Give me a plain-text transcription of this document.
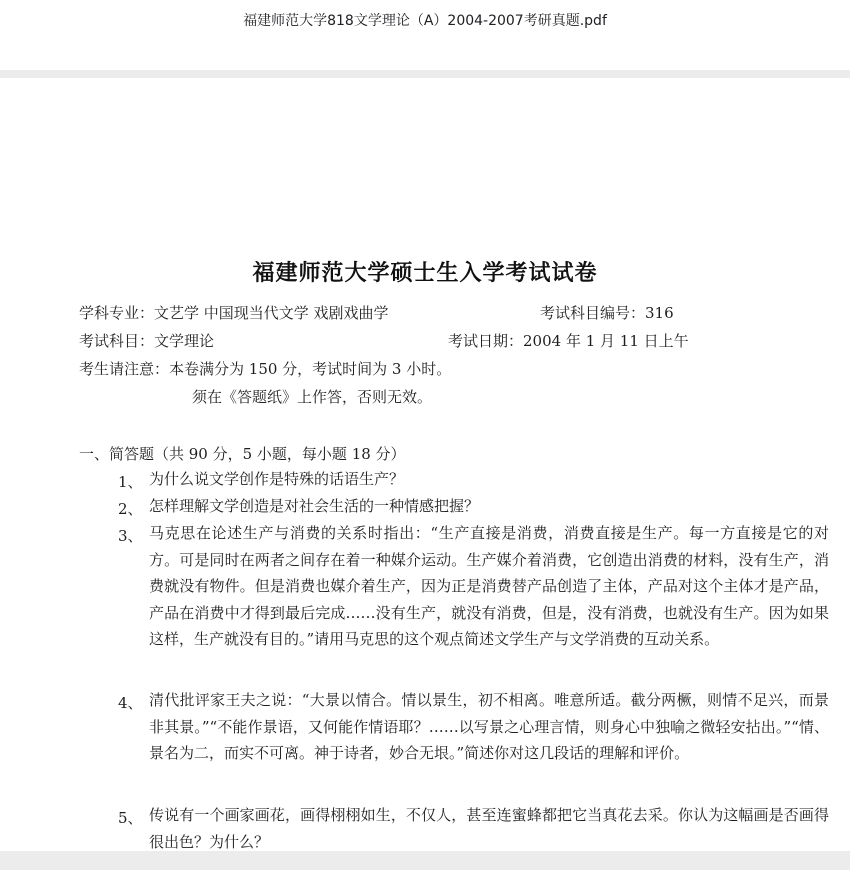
福建师范大学818文学理论（A）2004-2007考研真题.pdf
福建师范大学硕士生入学考试试卷
学科专业：文艺学 中国现当代文学 戏剧戏曲学	考试科目编号：316
考试科目：文学理论	考试日期：2004 年 1 月 11 日上午
考生请注意：本卷满分为 150 分，考试时间为 3 小时。
须在《答题纸》上作答，否则无效。
一、简答题（共 90 分，5 小题，每小题 18 分）
1、 为什么说文学创作是特殊的话语生产？
2、 怎样理解文学创造是对社会生活的一种情感把握？
3、 马克思在论述生产与消费的关系时指出：“生产直接是消费，消费直接是生产。每一方直接是它的对方。可是同时在两者之间存在着一种媒介运动。生产媒介着消费，它创造出消费的材料，没有生产，消费就没有物件。但是消费也媒介着生产，因为正是消费替产品创造了主体，产品对这个主体才是产品，产品在消费中才得到最后完成……没有生产，就没有消费，但是，没有消费，也就没有生产。因为如果这样，生产就没有目的。”请用马克思的这个观点简述文学生产与文学消费的互动关系。
4、 清代批评家王夫之说：“大景以情合。情以景生，初不相离。唯意所适。截分两橛，则情不足兴，而景非其景。”“不能作景语，又何能作情语耶？……以写景之心理言情，则身心中独喻之微轻安拈出。”“情、景名为二，而实不可离。神于诗者，妙合无垠。”简述你对这几段话的理解和评价。
5、 传说有一个画家画花，画得栩栩如生，不仅人，甚至连蜜蜂都把它当真花去采。你认为这幅画是否画得很出色？为什么？
